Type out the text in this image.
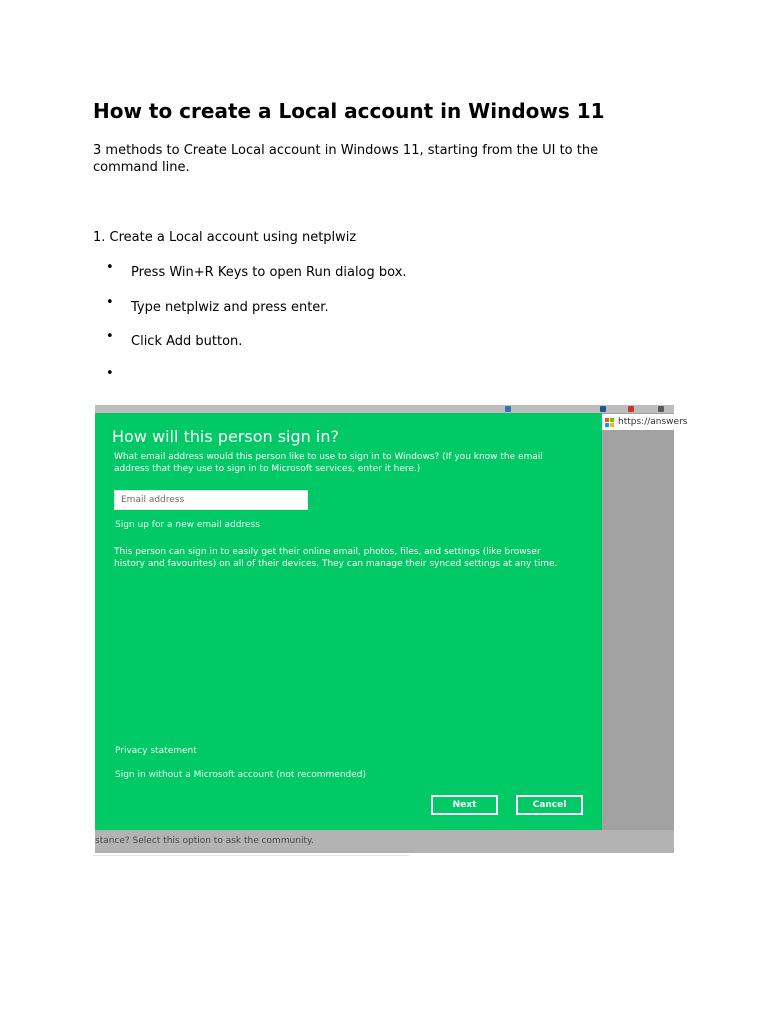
How to create a Local account in Windows 11

3 methods to Create Local account in Windows 11, starting from the UI to the command line.

1. Create a Local account using netplwiz

• Press Win+R Keys to open Run dialog box.
• Type netplwiz and press enter.
• Click Add button.
•
https://answers
How will this person sign in?

What email address would this person like to use to sign in to Windows? (If you know the email address that they use to sign in to Microsoft services, enter it here.)

Email address
Sign up for a new email address

This person can sign in to easily get their online email, photos, files, and settings (like browser history and favourites) on all of their devices. They can manage their synced settings at any time.

Privacy statement
Sign in without a Microsoft account (not recommended)
Next	Cancel
stance? Select this option to ask the community.
